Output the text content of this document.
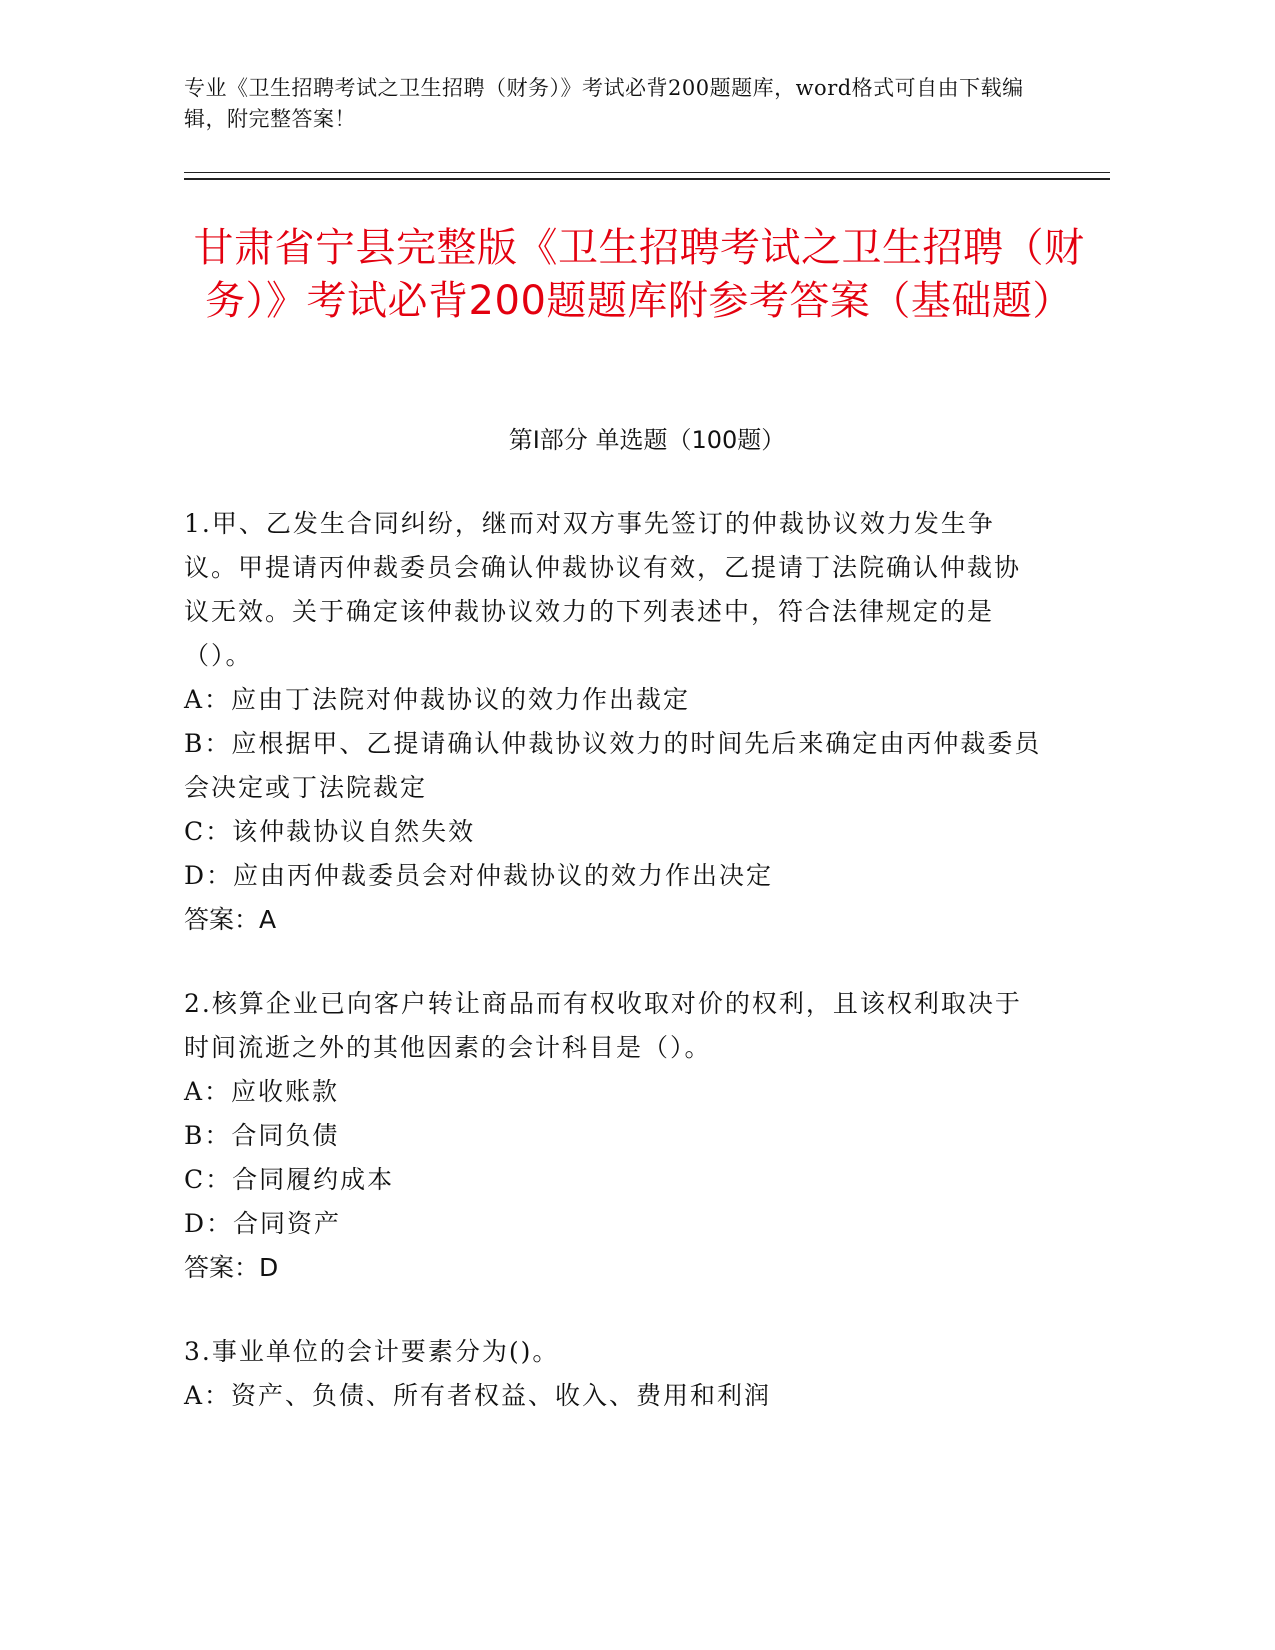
专业《卫生招聘考试之卫生招聘（财务）》考试必背200题题库，word格式可自由下载编辑，附完整答案！
甘肃省宁县完整版《卫生招聘考试之卫生招聘（财务）》考试必背200题题库附参考答案（基础题）
第Ⅰ部分 单选题（100题）
1.甲、乙发生合同纠纷，继而对双方事先签订的仲裁协议效力发生争议。甲提请丙仲裁委员会确认仲裁协议有效，乙提请丁法院确认仲裁协议无效。关于确定该仲裁协议效力的下列表述中，符合法律规定的是（）。
A：应由丁法院对仲裁协议的效力作出裁定
B：应根据甲、乙提请确认仲裁协议效力的时间先后来确定由丙仲裁委员会决定或丁法院裁定
C：该仲裁协议自然失效
D：应由丙仲裁委员会对仲裁协议的效力作出决定
答案：A
2.核算企业已向客户转让商品而有权收取对价的权利，且该权利取决于时间流逝之外的其他因素的会计科目是（）。
A：应收账款
B：合同负债
C：合同履约成本
D：合同资产
答案：D
3.事业单位的会计要素分为()。
A：资产、负债、所有者权益、收入、费用和利润
